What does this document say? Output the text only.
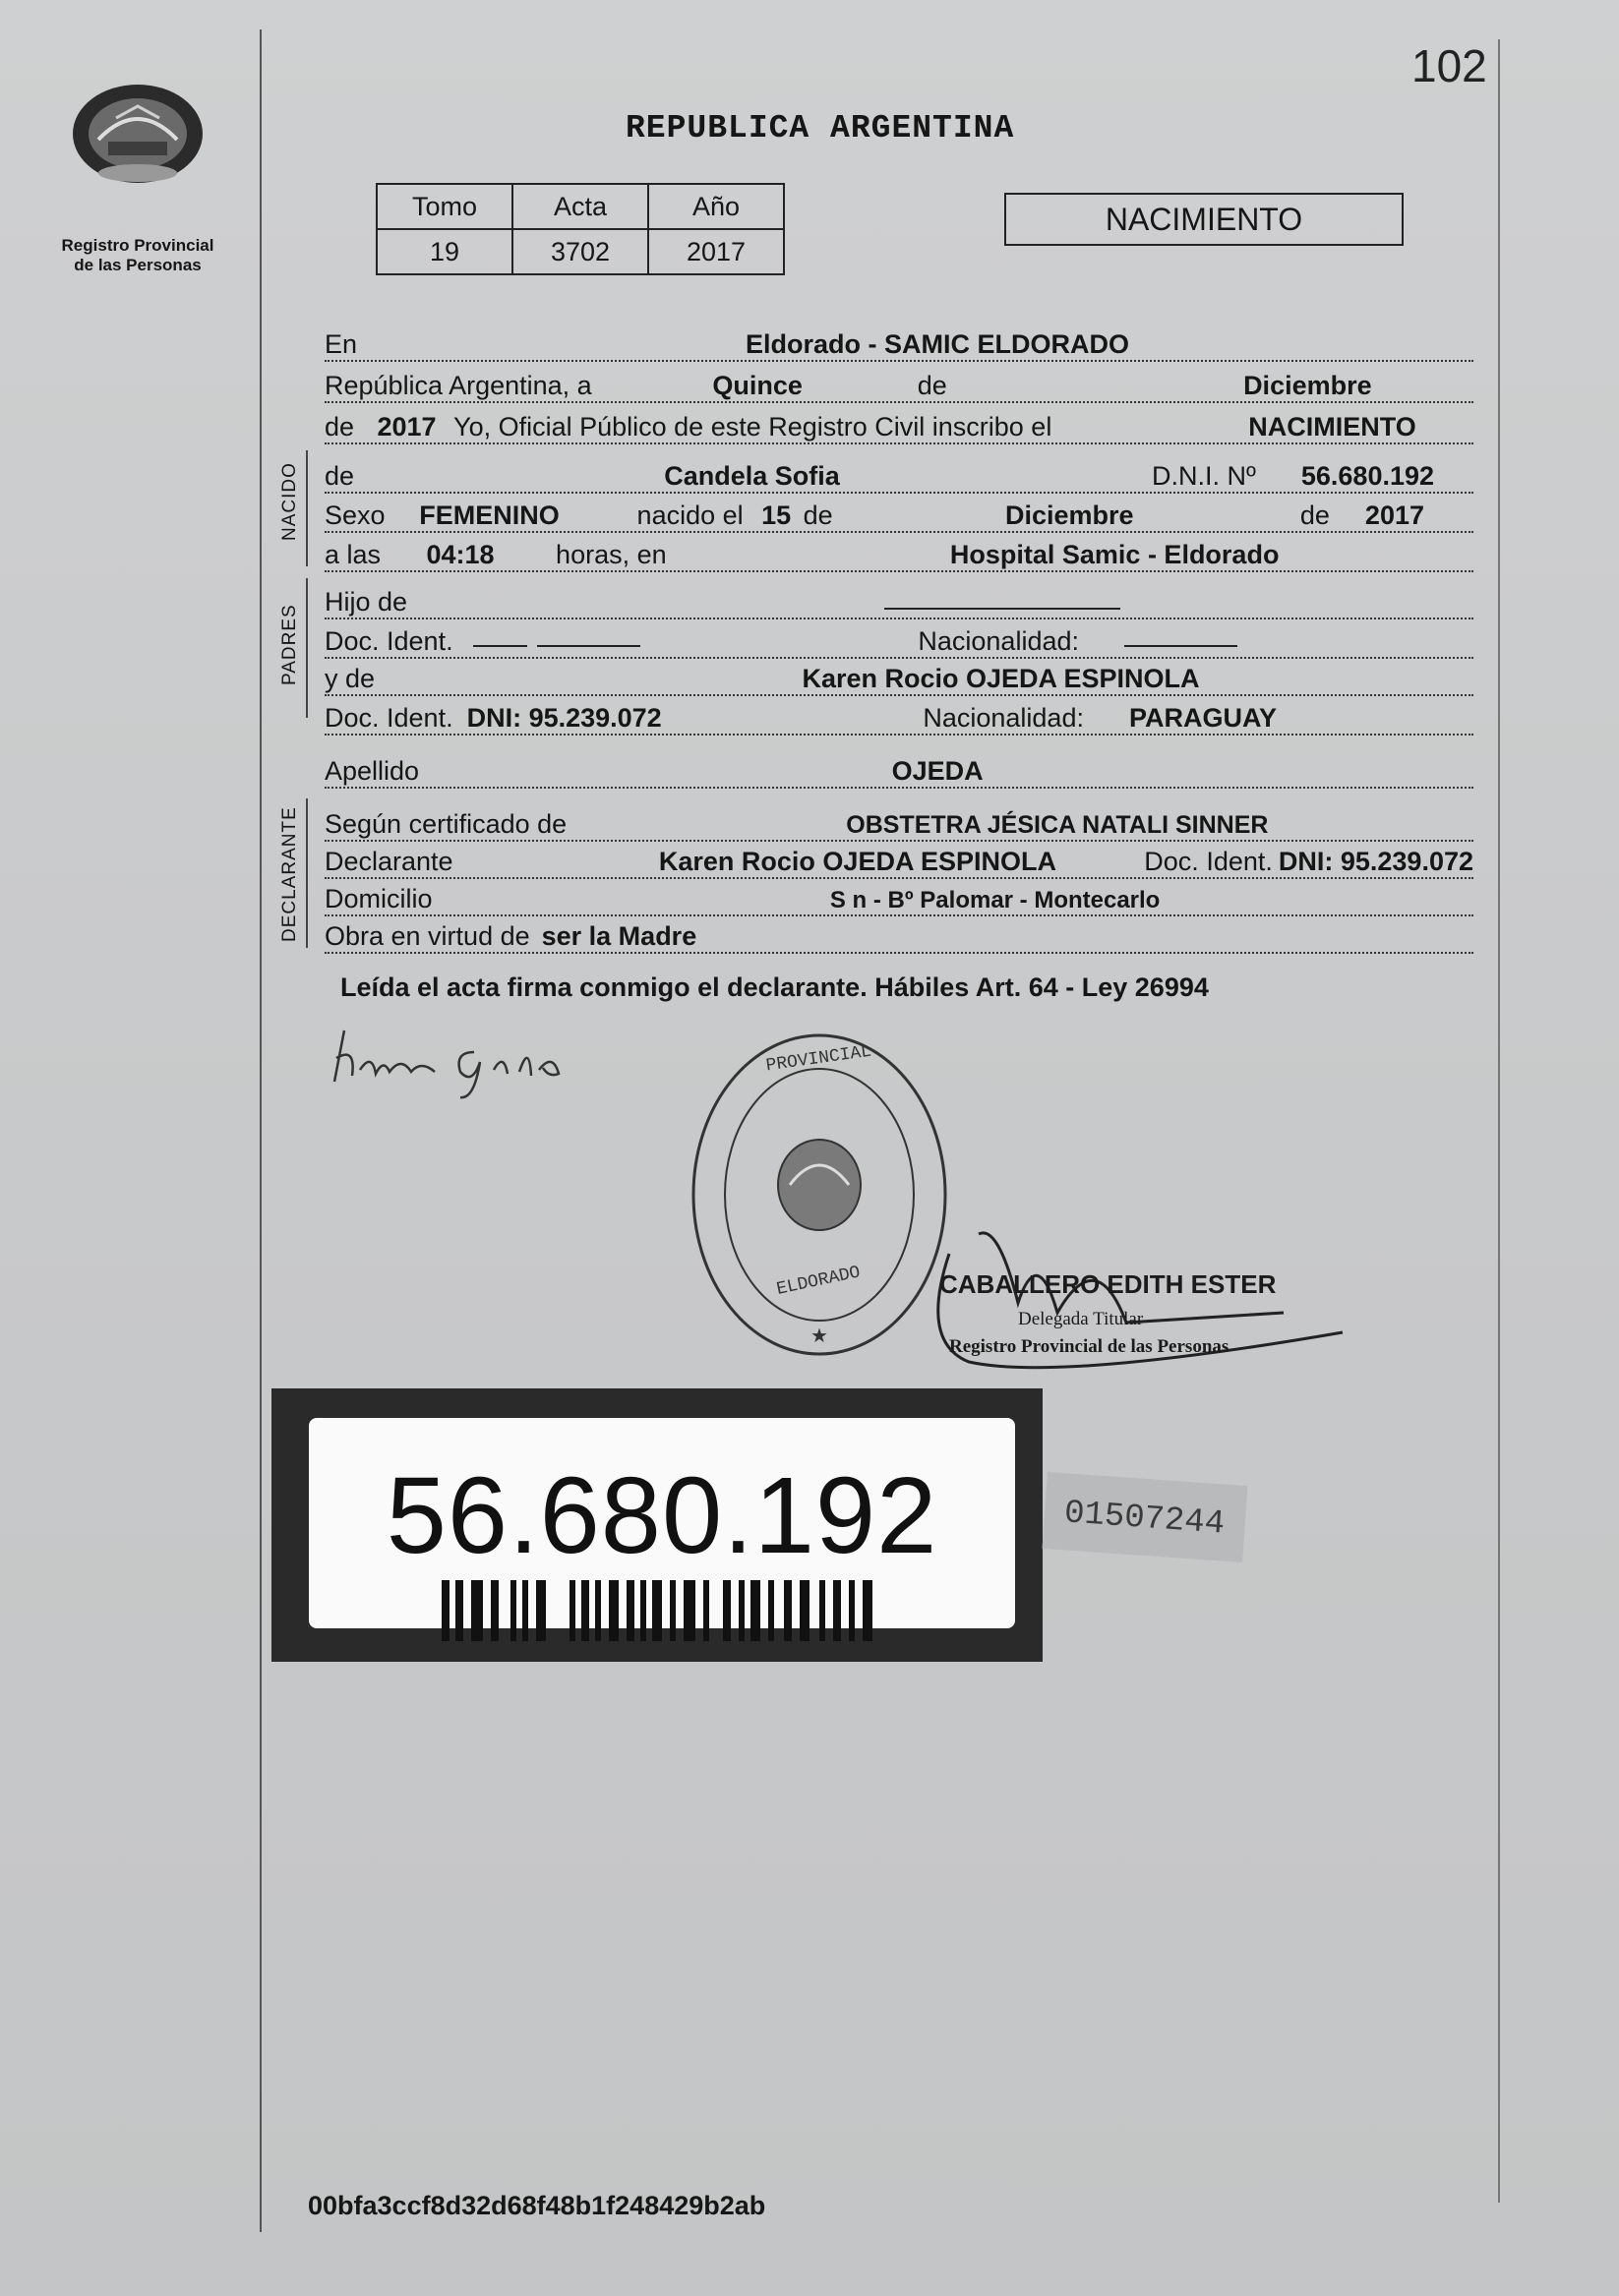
102
Registro Provincial
de las Personas
REPUBLICA ARGENTINA
Tomo	Acta	Año
19	3702	2017
NACIMIENTO
En	Eldorado - SAMIC ELDORADO
República Argentina, a	Quince	de	Diciembre
de 2017 Yo, Oficial Público de este Registro Civil inscribo el	NACIMIENTO
NACIDO de	Candela Sofia	D.N.I. Nº 56.680.192
Sexo	FEMENINO	nacido el 15 de	Diciembre	de 2017
a las	04:18	horas, en	Hospital Samic - Eldorado
PADRES
Hijo de
Doc. Ident.	Nacionalidad:
y de	Karen Rocio OJEDA ESPINOLA
Doc. Ident. DNI: 95.239.072	Nacionalidad: PARAGUAY
Apellido	OJEDA
DECLARANTE Según certificado de	OBSTETRA JÉSICA NATALI SINNER
Declarante	Karen Rocio OJEDA ESPINOLA	Doc. Ident. DNI: 95.239.072
Domicilio	S n - Bº Palomar - Montecarlo
Obra en virtud de ser la Madre
Leída el acta firma conmigo el declarante. Hábiles Art. 64 - Ley 26994
PROVINCIAL
ELDORADO
★
CABALLERO EDITH ESTER
Delegada Titular
Registro Provincial de las Personas
56.680.192	01507244
00bfa3ccf8d32d68f48b1f248429b2ab
